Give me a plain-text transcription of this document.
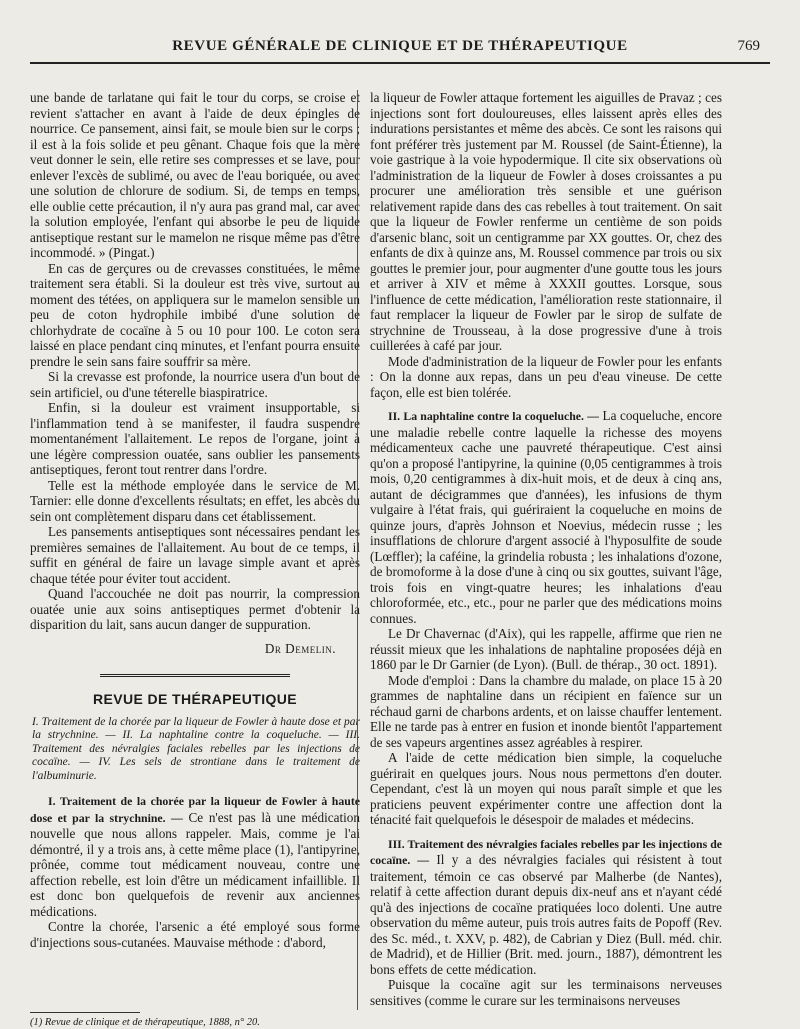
REVUE GÉNÉRALE DE CLINIQUE ET DE THÉRAPEUTIQUE	769

une bande de tarlatane qui fait le tour du corps, se croise et revient s'attacher en avant à l'aide de deux épingles de nourrice. Ce pansement, ainsi fait, se moule bien sur le corps ; il est à la fois solide et peu gênant. Chaque fois que la mère veut donner le sein, elle retire ses compresses et se lave, pour enlever l'excès de sublimé, ou avec de l'eau boriquée, ou avec une solution de chlorure de sodium. Si, de temps en temps, elle oublie cette précaution, il n'y aura pas grand mal, car avec la solution employée, l'enfant qui absorbe le peu de liquide antiseptique restant sur le mamelon ne risque même pas d'être incommodé. » (Pingat.)

En cas de gerçures ou de crevasses constituées, le même traitement sera établi. Si la douleur est très vive, surtout au moment des tétées, on appliquera sur le mamelon sensible un peu de coton hydrophile imbibé d'une solution de chlorhydrate de cocaïne à 5 ou 10 pour 100. Le coton sera laissé en place pendant cinq minutes, et l'enfant pourra ensuite prendre le sein sans faire souffrir sa mère.

Si la crevasse est profonde, la nourrice usera d'un bout de sein artificiel, ou d'une téterelle biaspiratrice.

Enfin, si la douleur est vraiment insupportable, si l'inflammation tend à se manifester, il faudra suspendre momentanément l'allaitement. Le repos de l'organe, joint à une légère compression ouatée, sans oublier les pansements antiseptiques, feront tout rentrer dans l'ordre.

Telle est la méthode employée dans le service de M. Tarnier: elle donne d'excellents résultats; en effet, les abcès du sein ont complètement disparu dans cet établissement.

Les pansements antiseptiques sont nécessaires pendant les premières semaines de l'allaitement. Au bout de ce temps, il suffit en général de faire un lavage simple avant et après chaque tétée pour éviter tout accident.

Quand l'accouchée ne doit pas nourrir, la compression ouatée unie aux soins antiseptiques permet d'obtenir la disparition du lait, sans aucun danger de suppuration.

Dr Demelin.

REVUE DE THÉRAPEUTIQUE

I. Traitement de la chorée par la liqueur de Fowler à haute dose et par la strychnine. — II. La naphtaline contre la coqueluche. — III. Traitement des névralgies faciales rebelles par les injections de cocaïne. — IV. Les sels de strontiane dans le traitement de l'albuminurie.

I. Traitement de la chorée par la liqueur de Fowler à haute dose et par la strychnine. — Ce n'est pas là une médication nouvelle que nous allons rappeler. Mais, comme je l'ai démontré, il y a trois ans, à cette même place (1), l'antipyrine, prônée, comme tout médicament nouveau, contre une affection rebelle, est loin d'être un médicament infaillible. Il est donc bon quelquefois de revenir aux anciennes médications.

Contre la chorée, l'arsenic a été employé sous forme d'injections sous-cutanées. Mauvaise méthode : d'abord,

la liqueur de Fowler attaque fortement les aiguilles de Pravaz ; ces injections sont fort douloureuses, elles laissent après elles des indurations persistantes et même des abcès. Ce sont les raisons qui font préférer très justement par M. Roussel (de Saint-Étienne), la voie gastrique à la voie hypodermique. Il cite six observations où l'administration de la liqueur de Fowler à doses croissantes a pu procurer une amélioration très sensible et une guérison relativement rapide dans des cas rebelles à tout traitement. On sait que la liqueur de Fowler renferme un centième de son poids d'arsenic blanc, soit un centigramme par XX gouttes. Or, chez des enfants de dix à quinze ans, M. Roussel commence par trois ou six gouttes le premier jour, pour augmenter d'une goutte tous les jours et arriver à XIV et même à XXXII gouttes. Lorsque, sous l'influence de cette médication, l'amélioration reste stationnaire, il faut remplacer la liqueur de Fowler par le sirop de sulfate de strychnine de Trousseau, à la dose progressive d'une à trois cuillerées à café par jour.

Mode d'administration de la liqueur de Fowler pour les enfants : On la donne aux repas, dans un peu d'eau vineuse. De cette façon, elle est bien tolérée.

II. La naphtaline contre la coqueluche. — La coqueluche, encore une maladie rebelle contre laquelle la richesse des moyens médicamenteux cache une pauvreté thérapeutique. C'est ainsi qu'on a proposé l'antipyrine, la quinine (0,05 centigrammes à trois mois, 0,20 centigrammes à dix-huit mois, et de deux à cinq ans, autant de décigrammes que d'années), les infusions de thym vulgaire à l'état frais, qui guériraient la coqueluche en moins de quinze jours, d'après Johnson et Noevius, médecin russe ; les insufflations de chlorure d'argent associé à l'hyposulfite de soude (Lœffler); la caféine, la grindelia robusta ; les inhalations d'ozone, de bromoforme à la dose d'une à cinq ou six gouttes, suivant l'âge, trois fois en vingt-quatre heures; les inhalations d'eau chloroformée, etc., etc., pour ne parler que des médications moins connues.

Le Dr Chavernac (d'Aix), qui les rappelle, affirme que rien ne réussit mieux que les inhalations de naphtaline proposées déjà en 1860 par le Dr Garnier (de Lyon). (Bull. de thérap., 30 oct. 1891).

Mode d'emploi : Dans la chambre du malade, on place 15 à 20 grammes de naphtaline dans un récipient en faïence sur un réchaud garni de charbons ardents, et on laisse chauffer lentement. Elle ne tarde pas à entrer en fusion et inonde bientôt l'appartement de ses vapeurs argentines assez agréables à respirer.

A l'aide de cette médication bien simple, la coqueluche guérirait en quelques jours. Nous nous permettons d'en douter. Cependant, c'est là un moyen qui nous paraît simple et que les praticiens peuvent expérimenter contre une affection dont la ténacité fait quelquefois le désespoir de malades et médecins.

III. Traitement des névralgies faciales rebelles par les injections de cocaïne. — Il y a des névralgies faciales qui résistent à tout traitement, témoin ce cas observé par Malherbe (de Nantes), relatif à cette affection durant depuis dix-neuf ans et n'ayant cédé qu'à des injections de cocaïne pratiquées loco dolenti. Une autre observation du même auteur, puis trois autres faits de Popoff (Rev. des Sc. méd., t. XXV, p. 482), de Cabrian y Diez (Bull. méd. chir. de Madrid), et de Hillier (Brit. med. journ., 1887), démontrent les bons effets de cette médication.

Puisque la cocaïne agit sur les terminaisons nerveuses sensitives (comme le curare sur les terminaisons nerveuses

(1) Revue de clinique et de thérapeutique, 1888, n° 20.
